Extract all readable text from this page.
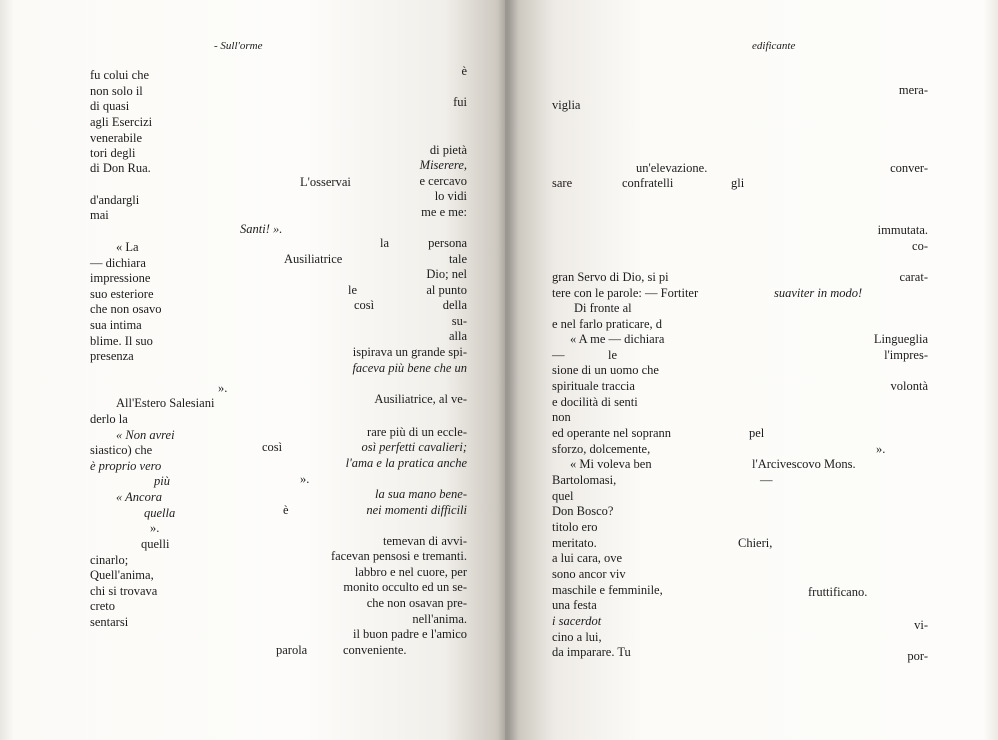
- Sull'orme	edificante
fu colui che	è
non solo il
di quasi	fui
agli Esercizi
venerabile
tori degli	di pietà
di Don Rua.	Miserere,
L'osservai	e cercavo
d'andargli	lo vidi
mai	me e me:
Santi! ».
« La	la	persona
— dichiara	Ausiliatrice	tale
impressione	Dio; nel
suo esteriore	le	al punto
che non osavo	così	della
sua intima	su-
blime. Il suo	alla
presenza	ispirava un grande spi-
faceva più bene che un
».
All'Estero Salesiani	Ausiliatrice, al ve-
derlo la
« Non avrei	rare più di un eccle-
siastico) che	così	osì perfetti cavalieri;
è proprio vero	l'ama e la pratica anche
più	».
« Ancora	la sua mano bene-
quella	è	nei momenti difficili
».
quelli	temevan di avvi-
cinarlo;	facevan pensosi e tremanti.
Quell'anima,	labbro e nel cuore, per
chi si trovava	monito occulto ed un se-
creto	che non osavan pre-
sentarsi	nell'anima.
il buon padre e l'amico
parola	conveniente.
mera-
viglia
un'elevazione.	conver-
sare	confratelli	gli
immutata.
co-
gran Servo di Dio, si pi	carat-
tere con le parole: — Fortiter	suaviter in modo!
Di fronte al
e nel farlo praticare, d
« A me — dichiara	Linguеglia
—	le	l'impres-
sione di un uomo che
spirituale traccia	volontà
e docilità di senti
non
ed operante nel soprann	pel
sforzo, dolcemente,	».
« Mi voleva ben	l'Arcivescovo Mons.
Bartolomasi,	—
quel
Don Bosco?
titolo ero
meritato.	Chieri,
a lui cara, ove
sono ancor viv
maschile e femminile,	fruttificano.
una festa
i sacerdot
cino a lui,
vi-
da imparare. Tu	por-
